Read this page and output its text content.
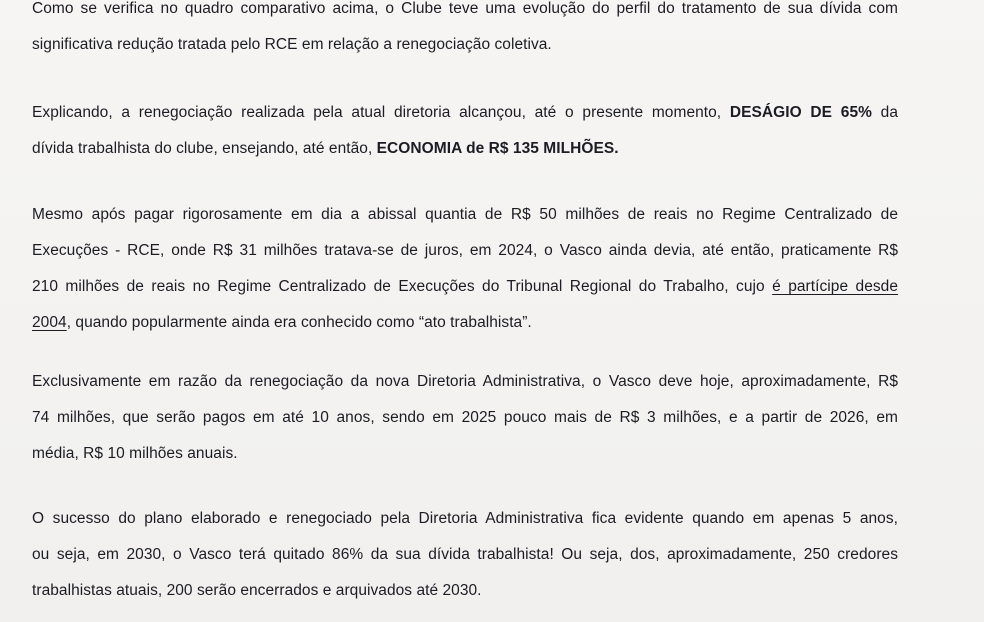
Como se verifica no quadro comparativo acima, o Clube teve uma evolução do perfil do tratamento de sua dívida com
significativa redução tratada pelo RCE em relação a renegociação coletiva.
Explicando, a renegociação realizada pela atual diretoria alcançou, até o presente momento, DESÁGIO DE 65% da
dívida trabalhista do clube, ensejando, até então, ECONOMIA de R$ 135 MILHÕES.
Mesmo após pagar rigorosamente em dia a abissal quantia de R$ 50 milhões de reais no Regime Centralizado de
Execuções - RCE, onde R$ 31 milhões tratava-se de juros, em 2024, o Vasco ainda devia, até então, praticamente R$
210 milhões de reais no Regime Centralizado de Execuções do Tribunal Regional do Trabalho, cujo é partícipe desde
2004, quando popularmente ainda era conhecido como “ato trabalhista”.
Exclusivamente em razão da renegociação da nova Diretoria Administrativa, o Vasco deve hoje, aproximadamente, R$
74 milhões, que serão pagos em até 10 anos, sendo em 2025 pouco mais de R$ 3 milhões, e a partir de 2026, em
média, R$ 10 milhões anuais.
O sucesso do plano elaborado e renegociado pela Diretoria Administrativa fica evidente quando em apenas 5 anos,
ou seja, em 2030, o Vasco terá quitado 86% da sua dívida trabalhista! Ou seja, dos, aproximadamente, 250 credores
trabalhistas atuais, 200 serão encerrados e arquivados até 2030.
